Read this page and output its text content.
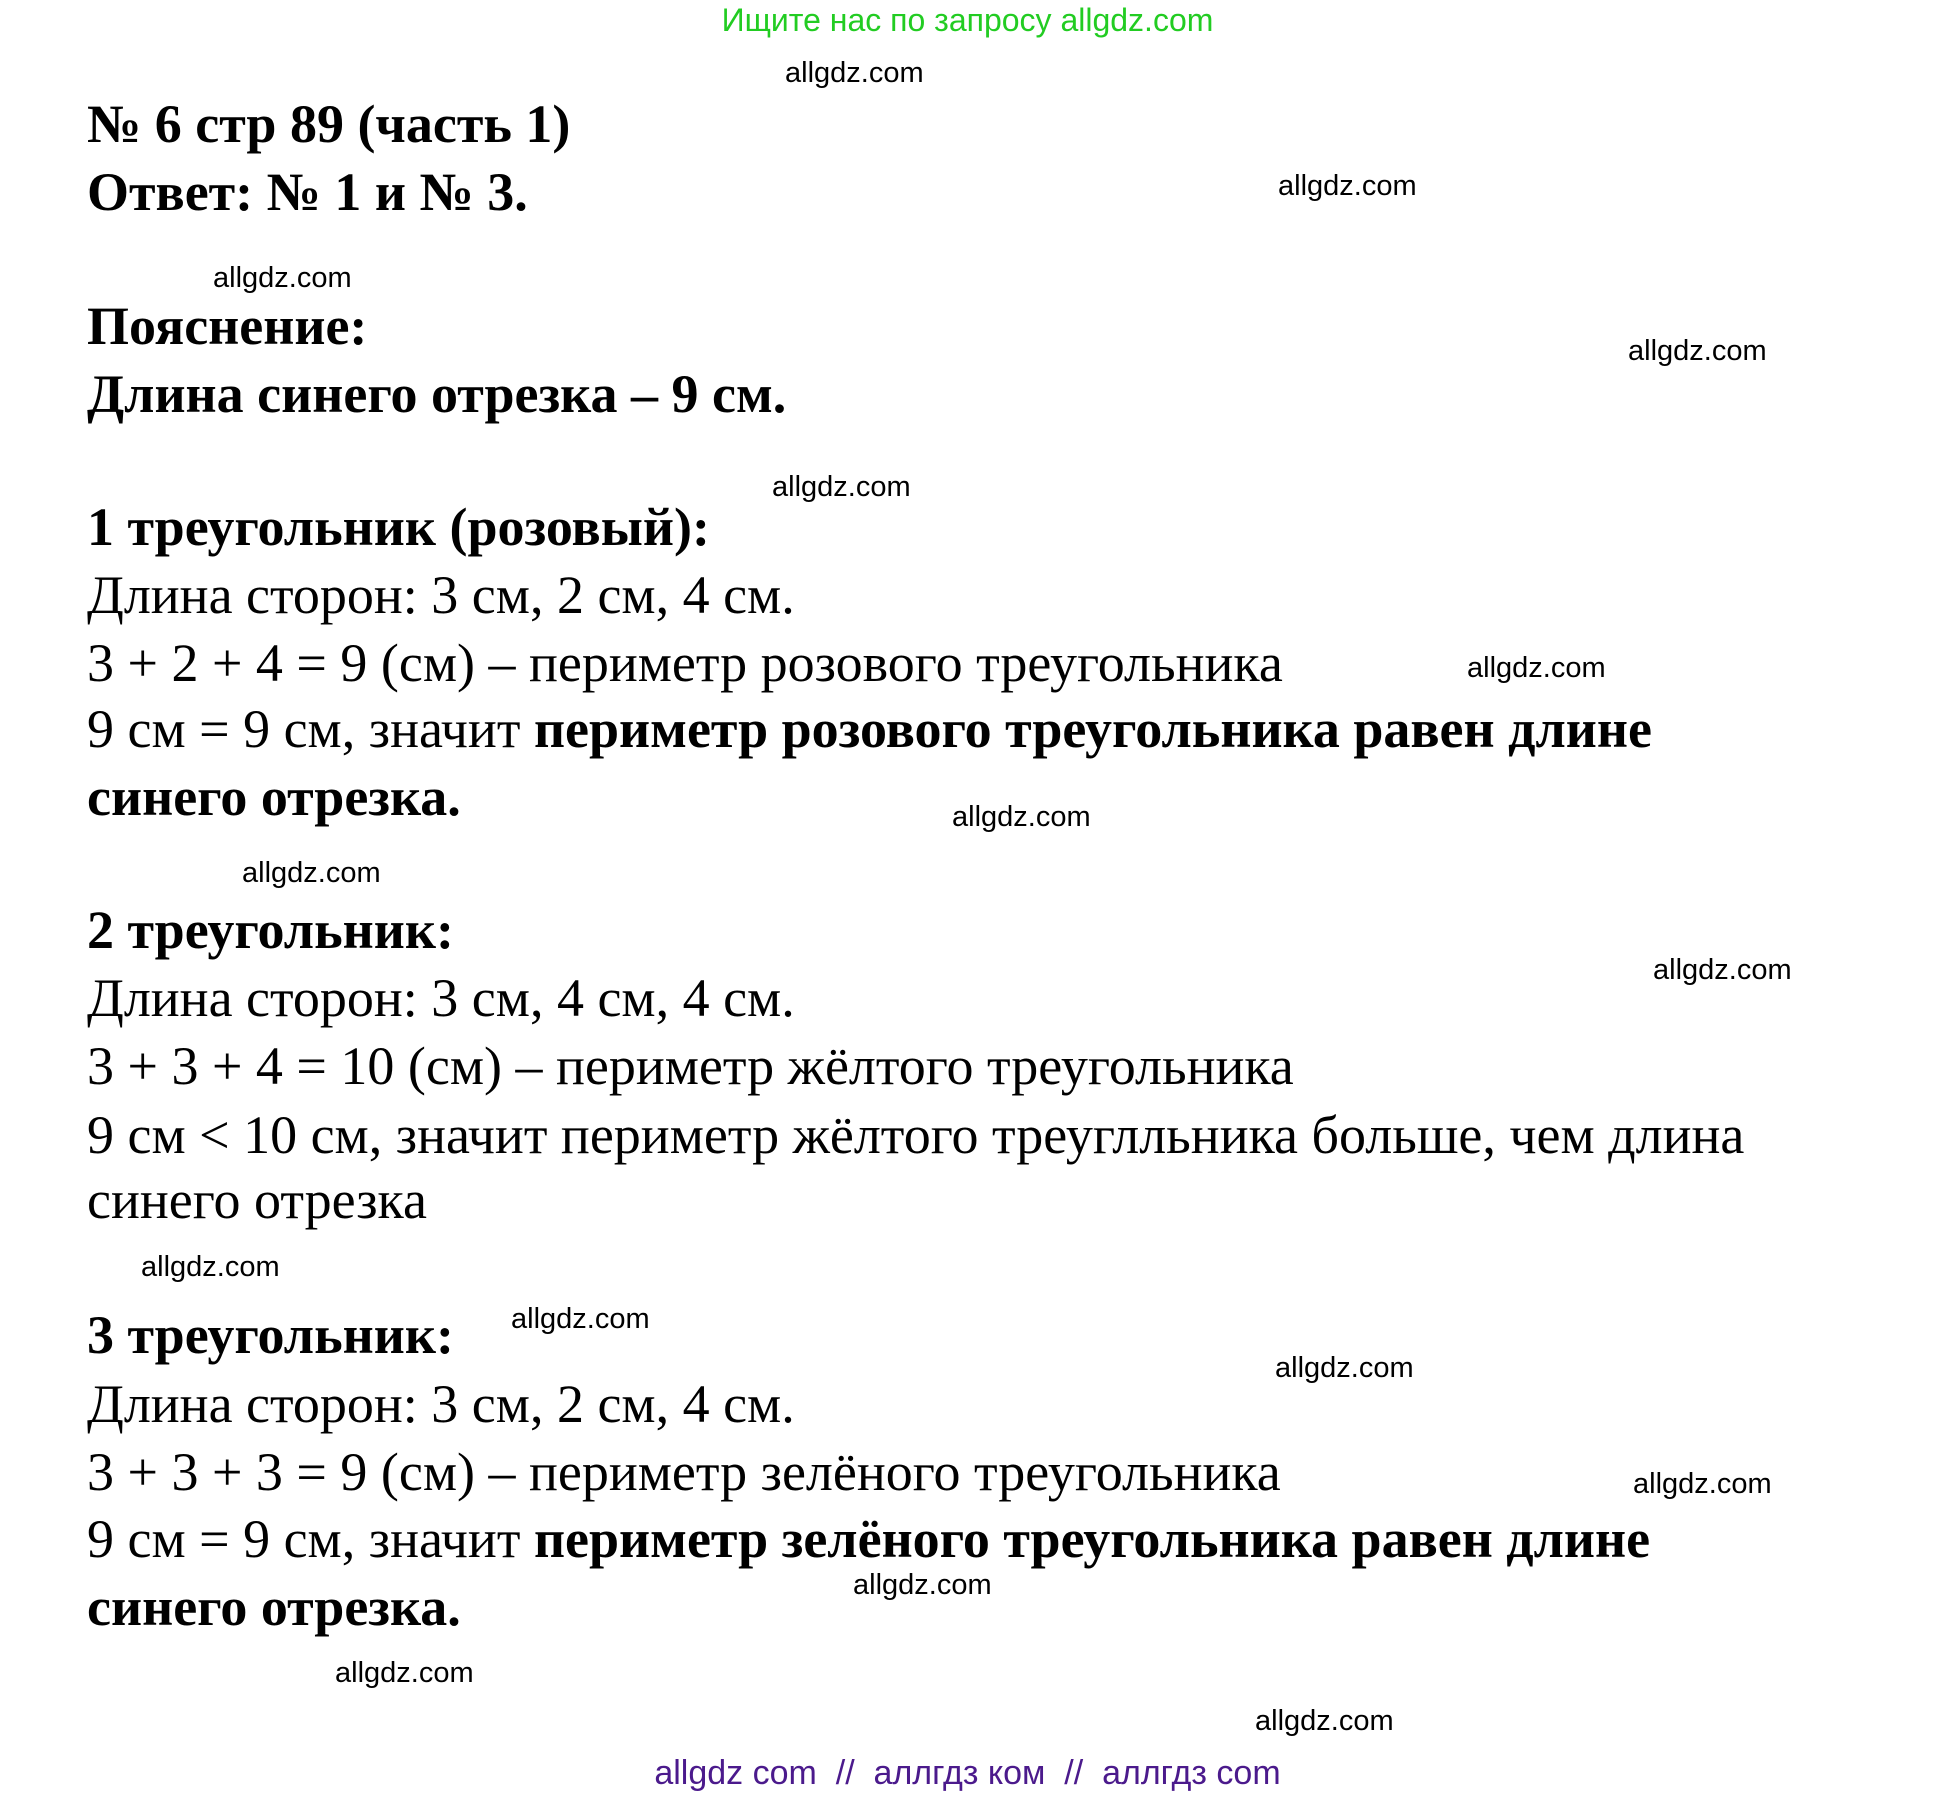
Ищите нас по запросу allgdz.com
№ 6 стр 89 (часть 1)
Ответ: № 1 и № 3.
Пояснение:
Длина синего отрезка – 9 см.
1 треугольник (розовый):
Длина сторон: 3 см, 2 см, 4 см.
3 + 2 + 4 = 9 (см) – периметр розового треугольника
9 см = 9 см, значит периметр розового треугольника равен длине
синего отрезка.
2 треугольник:
Длина сторон: 3 см, 4 см, 4 см.
3 + 3 + 4 = 10 (см) – периметр жёлтого треугольника
9 см < 10 см, значит периметр жёлтого треуглльника больше, чем длина
синего отрезка
3 треугольник:
Длина сторон: 3 см, 2 см, 4 см.
3 + 3 + 3 = 9 (см) – периметр зелёного треугольника
9 см = 9 см, значит периметр зелёного треугольника равен длине
синего отрезка.
allgdz.com
allgdz.com
allgdz.com
allgdz.com
allgdz.com
allgdz.com
allgdz.com
allgdz.com
allgdz.com
allgdz.com
allgdz.com
allgdz.com
allgdz.com
allgdz.com
allgdz.com
allgdz.com
allgdz com  //  аллгдз ком  //  аллгдз com
